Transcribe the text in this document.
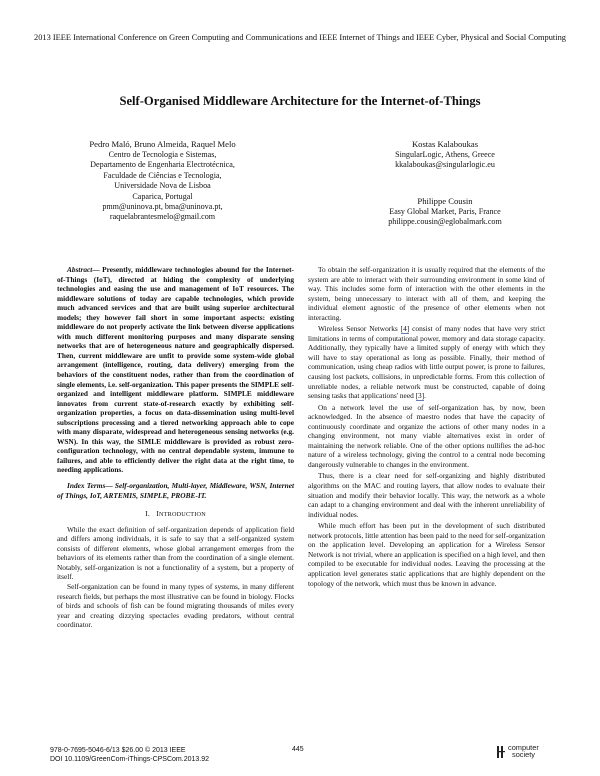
2013 IEEE International Conference on Green Computing and Communications and IEEE Internet of Things and IEEE Cyber, Physical and Social Computing
Self-Organised Middleware Architecture for the Internet-of-Things
Pedro Maló, Bruno Almeida, Raquel Melo
Centro de Tecnologia e Sistemas,
Departamento de Engenharia Electrotécnica,
Faculdade de Ciências e Tecnologia,
Universidade Nova de Lisboa
Caparica, Portugal
pmm@uninova.pt, bma@uninova.pt,
raquelabrantesmelo@gmail.com
Kostas Kalaboukas
SingularLogic, Athens, Greece
kkalaboukas@singularlogic.eu
Philippe Cousin
Easy Global Market, Paris, France
philippe.cousin@eglobalmark.com

Abstract— Presently, middleware technologies abound for the Internet-of-Things (IoT), directed at hiding the complexity of underlying technologies and easing the use and management of IoT resources. The middleware solutions of today are capable technologies, which provide much advanced services and that are built using superior architectural models; they however fail short in some important aspects: existing middleware do not properly activate the link between diverse applications with much different monitoring purposes and many disparate sensing networks that are of heterogeneous nature and geographically dispersed. Then, current middleware are unfit to provide some system-wide global arrangement (intelligence, routing, data delivery) emerging from the behaviors of the constituent nodes, rather than from the coordination of single elements, i.e. self-organization. This paper presents the SIMPLE self-organized and intelligent middleware platform. SIMPLE middleware innovates from current state-of-research exactly by exhibiting self-organization properties, a focus on data-dissemination using multi-level subscriptions processing and a tiered networking approach able to cope with many disparate, widespread and heterogeneous sensing networks (e.g. WSN). In this way, the SIMLE middleware is provided as robust zero-configuration technology, with no central dependable system, immune to failures, and able to efficiently deliver the right data at the right time, to needing applications.

Index Terms— Self-organization, Multi-layer, Middleware, WSN, Internet of Things, IoT, ARTEMIS, SIMPLE, PROBE-IT.

I. INTRODUCTION

While the exact definition of self-organization depends of application field and differs among individuals, it is safe to say that a self-organized system consists of different elements, whose global arrangement emerges from the behaviors of its elements rather than from the coordination of a single element. Notably, self-organization is not a functionality of a system, but a property of itself.

Self-organization can be found in many types of systems, in many different research fields, but perhaps the most illustrative can be found in biology. Flocks of birds and schools of fish can be found migrating thousands of miles every year and creating dizzying spectacles evading predators, without central coordinator.

To obtain the self-organization it is usually required that the elements of the system are able to interact with their surrounding environment in some kind of way. This includes some form of interaction with the other elements in the system, being unnecessary to interact with all of them, and keeping the individual element agnostic of the presence of other elements when not interacting.

Wireless Sensor Networks [4] consist of many nodes that have very strict limitations in terms of computational power, memory and data storage capacity. Additionally, they typically have a limited supply of energy with which they will have to stay operational as long as possible. Finally, their method of communication, using cheap radios with little output power, is prone to failures, causing lost packets, collisions, in unpredictable forms. From this collection of unreliable nodes, a reliable network must be constructed, capable of doing sensing tasks that applications' need [3].

On a network level the use of self-organization has, by now, been acknowledged. In the absence of maestro nodes that have the capacity of continuously coordinate and organize the actions of other many nodes in a changing environment, not many viable alternatives exist in order of maintaining the network reliable. One of the other options nullifies the ad-hoc nature of a wireless technology, giving the control to a central node becoming dangerously vulnerable to changes in the environment.

Thus, there is a clear need for self-organizing and highly distributed algorithms on the MAC and routing layers, that allow nodes to evaluate their situation and modify their behavior locally. This way, the network as a whole can adapt to a changing environment and deal with the inherent unreliability of individual nodes.

While much effort has been put in the development of such distributed network protocols, little attention has been paid to the need for self-organization on the application level. Developing an application for a Wireless Sensor Network is not trivial, where an application is specified on a high level, and then compiled to be executable for individual nodes. Leaving the processing at the application level generates static applications that are highly dependent on the topology of the network, which must thus be known in advance.

978-0-7695-5046-6/13 $26.00 © 2013 IEEE
DOI 10.1109/GreenCom-iThings-CPSCom.2013.92
445	computer
society
